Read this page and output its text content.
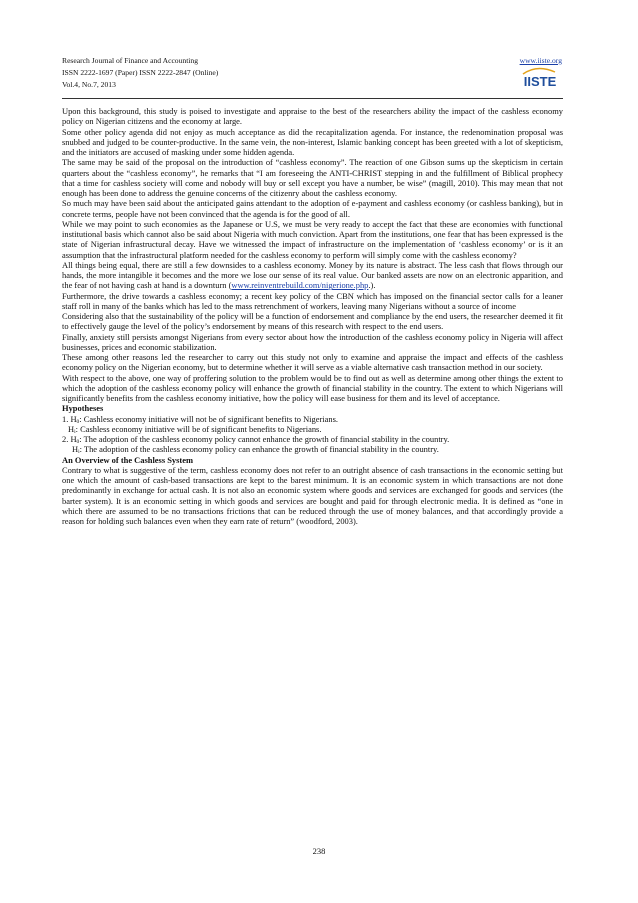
Research Journal of Finance and Accounting	www.iiste.org
ISSN 2222-1697 (Paper) ISSN 2222-2847 (Online)
Vol.4, No.7, 2013	IISTE

Upon this background, this study is poised to investigate and appraise to the best of the researchers ability the impact of the cashless economy policy on Nigerian citizens and the economy at large.

Some other policy agenda did not enjoy as much acceptance as did the recapitalization agenda. For instance, the redenomination proposal was snubbed and judged to be counter-productive. In the same vein, the non-interest, Islamic banking concept has been greeted with a lot of skepticism, and the initiators are accused of masking under some hidden agenda.

The same may be said of the proposal on the introduction of “cashless economy”. The reaction of one Gibson sums up the skepticism in certain quarters about the “cashless economy”, he remarks that “I am foreseeing the ANTI-CHRIST stepping in and the fulfillment of Biblical prophecy that a time for cashless society will come and nobody will buy or sell except you have a number, be wise” (magill, 2010). This may mean that not enough has been done to address the genuine concerns of the citizenry about the cashless economy.

So much may have been said about the anticipated gains attendant to the adoption of e-payment and cashless economy (or cashless banking), but in concrete terms, people have not been convinced that the agenda is for the good of all.

While we may point to such economies as the Japanese or U.S, we must be very ready to accept the fact that these are economies with functional institutional basis which cannot also be said about Nigeria with much conviction. Apart from the institutions, one fear that has been expressed is the state of Nigerian infrastructural decay. Have we witnessed the impact of infrastructure on the implementation of ‘cashless economy’ or is it an assumption that the infrastructural platform needed for the cashless economy to perform will simply come with the cashless economy?

All things being equal, there are still a few downsides to a cashless economy. Money by its nature is abstract. The less cash that flows through our hands, the more intangible it becomes and the more we lose our sense of its real value. Our banked assets are now on an electronic apparition, and the fear of not having cash at hand is a downturn (www.reinventrebuild.com/nigerione.php.).

Furthermore, the drive towards a cashless economy; a recent key policy of the CBN which has imposed on the financial sector calls for a leaner staff roll in many of the banks which has led to the mass retrenchment of workers, leaving many Nigerians without a source of income

Considering also that the sustainability of the policy will be a function of endorsement and compliance by the end users, the researcher deemed it fit to effectively gauge the level of the policy’s endorsement by means of this research with respect to the end users.

Finally, anxiety still persists amongst Nigerians from every sector about how the introduction of the cashless economy policy in Nigeria will affect businesses, prices and economic stabilization.

These among other reasons led the researcher to carry out this study not only to examine and appraise the impact and effects of the cashless economy policy on the Nigerian economy, but to determine whether it will serve as a viable alternative cash transaction method in our society.

With respect to the above, one way of proffering solution to the problem would be to find out as well as determine among other things the extent to which the adoption of the cashless economy policy will enhance the growth of financial stability in the country. The extent to which Nigerians will significantly benefits from the cashless economy initiative, how the policy will ease business for them and its level of acceptance.

Hypotheses

1. $H_0$: Cashless economy initiative will not be of significant benefits to Nigerians.

$H_i$: Cashless economy initiative will be of significant benefits to Nigerians.

2. $H_0$: The adoption of the cashless economy policy cannot enhance the growth of financial stability in the country.

$H_i$: The adoption of the cashless economy policy can enhance the growth of financial stability in the country.

An Overview of the Cashless System

Contrary to what is suggestive of the term, cashless economy does not refer to an outright absence of cash transactions in the economic setting but one which the amount of cash-based transactions are kept to the barest minimum. It is an economic system in which transactions are not done predominantly in exchange for actual cash. It is not also an economic system where goods and services are exchanged for goods and services (the barter system). It is an economic setting in which goods and services are bought and paid for through electronic media. It is defined as “one in which there are assumed to be no transactions frictions that can be reduced through the use of money balances, and that accordingly provide a reason for holding such balances even when they earn rate of return” (woodford, 2003).

238
